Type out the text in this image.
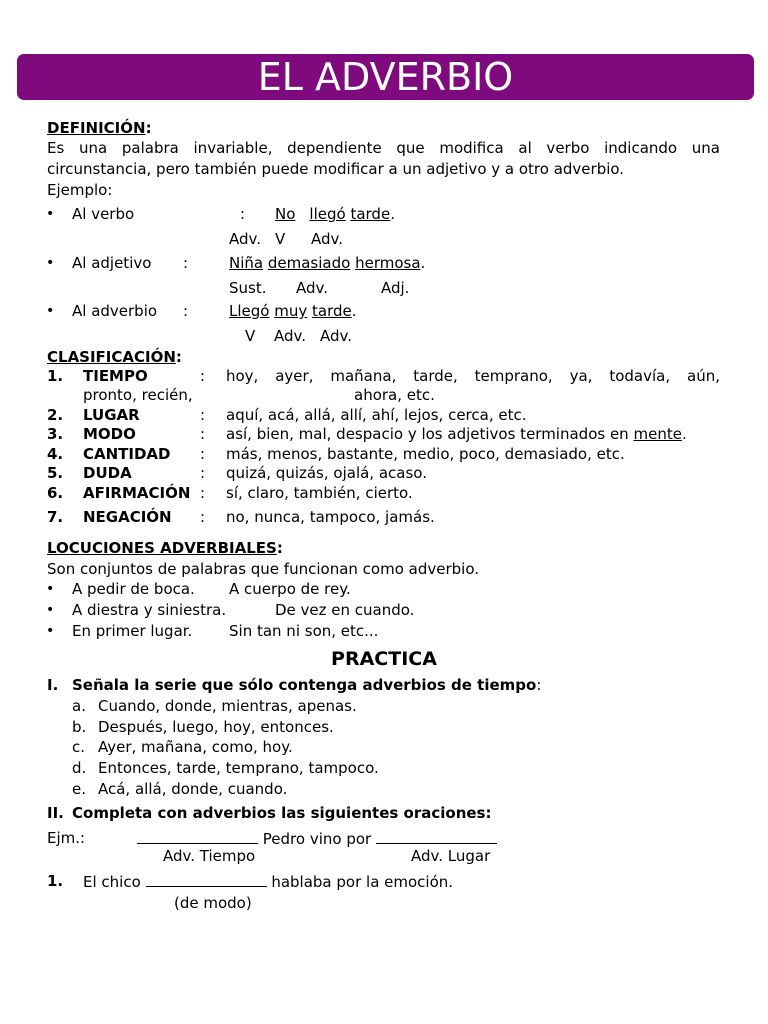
EL ADVERBIO
DEFINICIÓN:
Es una palabra invariable, dependiente que modifica al verbo indicando una circunstancia, pero también puede modificar a un adjetivo y a otro adverbio.
Ejemplo:
• Al verbo	: No llegó tarde.
Adv. V Adv.
• Al adjetivo :	Niña demasiado hermosa.
Sust. Adv.	Adj.
• Al adverbio :	Llegó muy tarde.
V Adv. Adv.
CLASIFICACIÓN:
1. TIEMPO	: hoy, ayer, mañana, tarde, temprano, ya, todavía, aún,
pronto, recién,	ahora, etc.
2. LUGAR	: aquí, acá, allá, allí, ahí, lejos, cerca, etc.
3. MODO	: así, bien, mal, despacio y los adjetivos terminados en mente.
4. CANTIDAD : más, menos, bastante, medio, poco, demasiado, etc.
5. DUDA	: quizá, quizás, ojalá, acaso.
6. AFIRMACIÓN : sí, claro, también, cierto.
7. NEGACIÓN : no, nunca, tampoco, jamás.
LOCUCIONES ADVERBIALES:
Son conjuntos de palabras que funcionan como adverbio.
• A pedir de boca. A cuerpo de rey.
• A diestra y siniestra.	De vez en cuando.
• En primer lugar. Sin tan ni son, etc...
PRACTICA
I. Señala la serie que sólo contenga adverbios de tiempo:
a. Cuando, donde, mientras, apenas.
b. Después, luego, hoy, entonces.
c. Ayer, mañana, como, hoy.
d. Entonces, tarde, temprano, tampoco.
e. Acá, allá, donde, cuando.
II. Completa con adverbios las siguientes oraciones:
Ejm.:	Pedro vino por
Adv. Tiempo	Adv. Lugar
1. El chico	hablaba por la emoción.
(de modo)
